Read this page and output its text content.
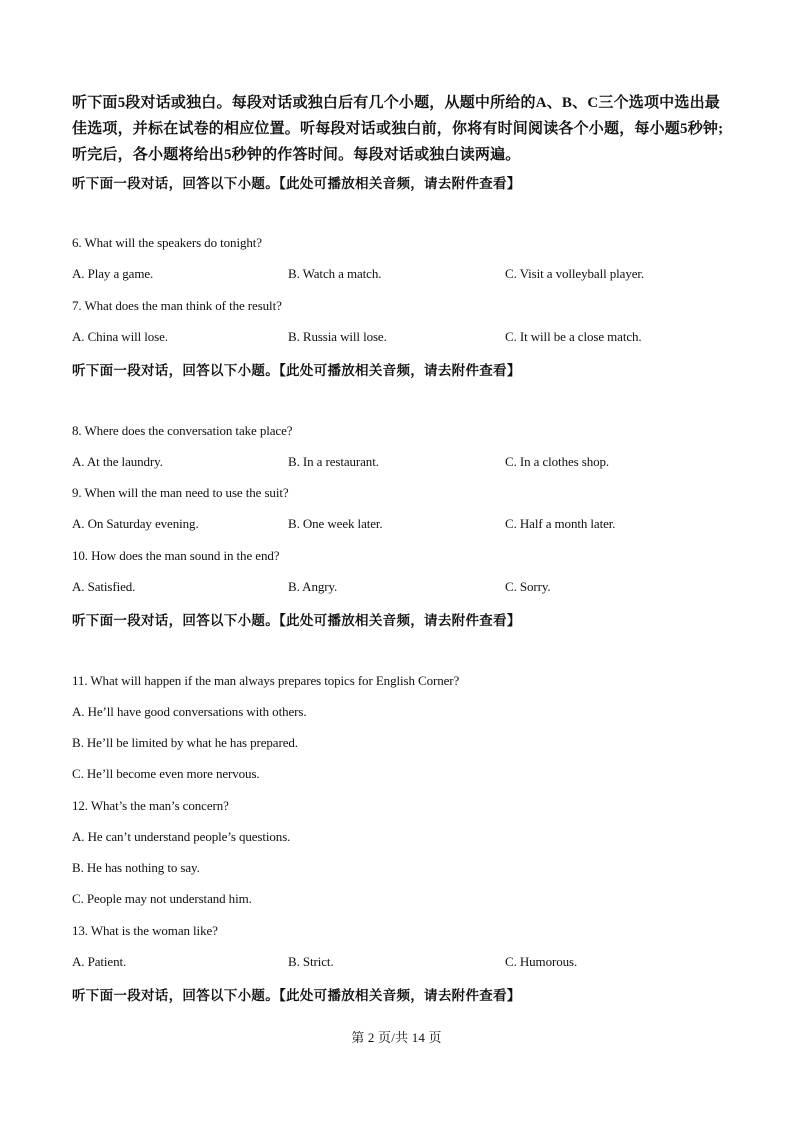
听下面5段对话或独白。每段对话或独白后有几个小题，从题中所给的A、B、C三个选项中选出最佳选项，并标在试卷的相应位置。听每段对话或独白前，你将有时间阅读各个小题，每小题5秒钟;听完后，各小题将给出5秒钟的作答时间。每段对话或独白读两遍。
听下面一段对话，回答以下小题。【此处可播放相关音频，请去附件查看】
6. What will the speakers do tonight?
A. Play a game.	B. Watch a match.	C. Visit a volleyball player.
7. What does the man think of the result?
A. China will lose.	B. Russia will lose.	C. It will be a close match.
听下面一段对话，回答以下小题。【此处可播放相关音频，请去附件查看】
8. Where does the conversation take place?
A. At the laundry.	B. In a restaurant.	C. In a clothes shop.
9. When will the man need to use the suit?
A. On Saturday evening.	B. One week later.	C. Half a month later.
10. How does the man sound in the end?
A. Satisfied.	B. Angry.	C. Sorry.
听下面一段对话，回答以下小题。【此处可播放相关音频，请去附件查看】
11. What will happen if the man always prepares topics for English Corner?
A. He’ll have good conversations with others.
B. He’ll be limited by what he has prepared.
C. He’ll become even more nervous.
12. What’s the man’s concern?
A. He can’t understand people’s questions.
B. He has nothing to say.
C. People may not understand him.
13. What is the woman like?
A. Patient.	B. Strict.	C. Humorous.
听下面一段对话，回答以下小题。【此处可播放相关音频，请去附件查看】
第 2 页/共 14 页
